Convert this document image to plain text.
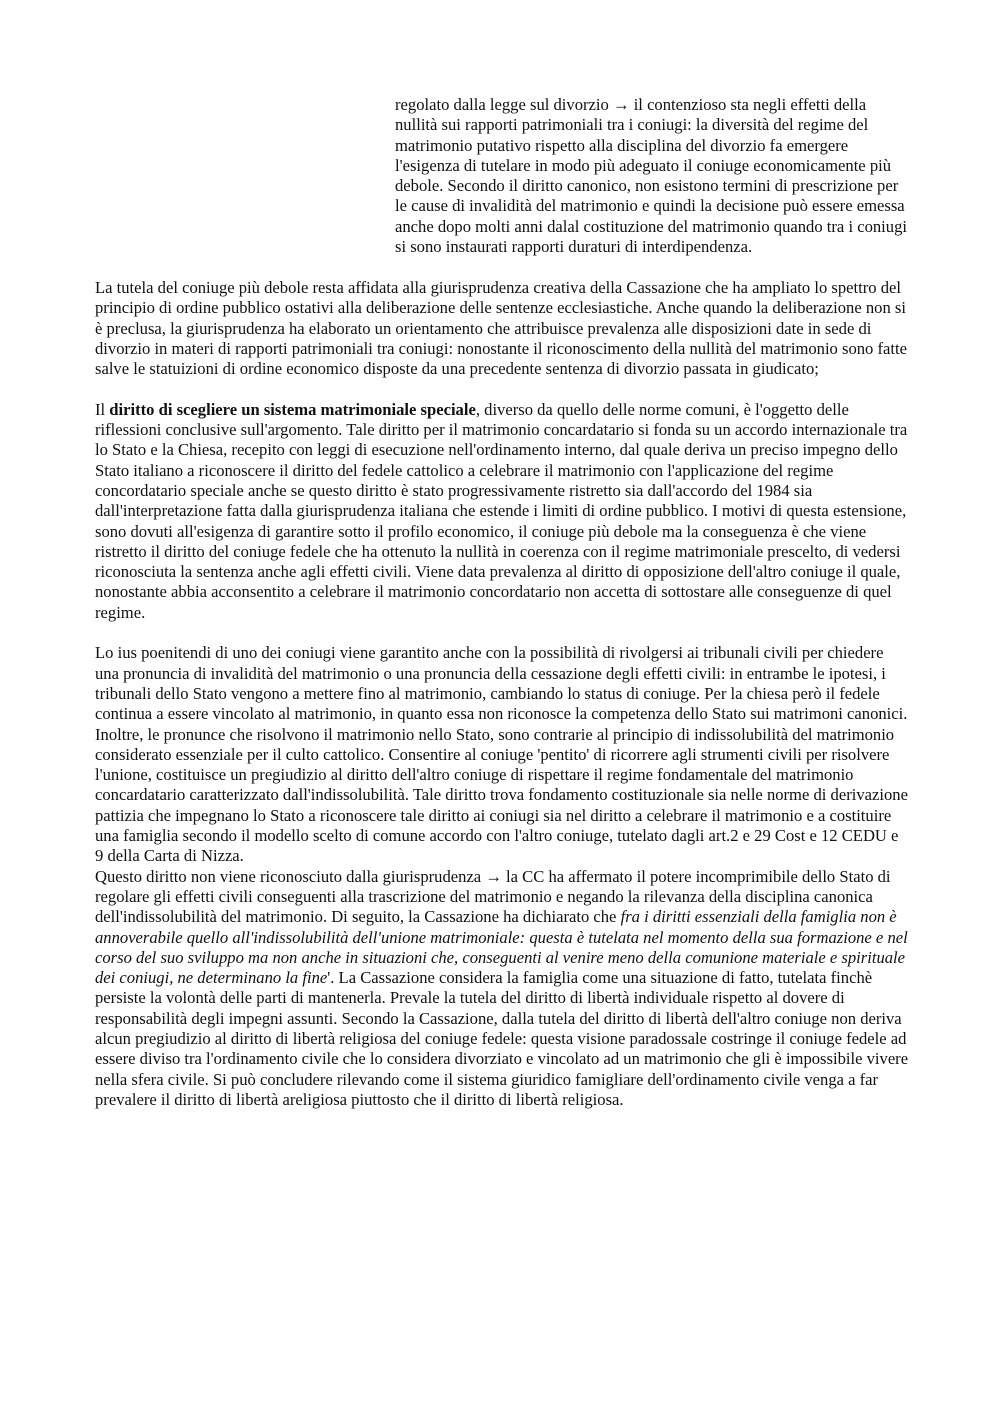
regolato dalla legge sul divorzio → il contenzioso sta negli effetti della nullità sui rapporti patrimoniali tra i coniugi: la diversità del regime del matrimonio putativo rispetto alla disciplina del divorzio fa emergere l'esigenza di tutelare in modo più adeguato il coniuge economicamente più debole. Secondo il diritto canonico, non esistono termini di prescrizione per le cause di invalidità del matrimonio e quindi la decisione può essere emessa anche dopo molti anni dalal costituzione del matrimonio quando tra i coniugi si sono instaurati rapporti duraturi di interdipendenza.

La tutela del coniuge più debole resta affidata alla giurisprudenza creativa della Cassazione che ha ampliato lo spettro del principio di ordine pubblico ostativi alla deliberazione delle sentenze ecclesiastiche. Anche quando la deliberazione non si è preclusa, la giurisprudenza ha elaborato un orientamento che attribuisce prevalenza alle disposizioni date in sede di divorzio in materi di rapporti patrimoniali tra coniugi: nonostante il riconoscimento della nullità del matrimonio sono fatte salve le statuizioni di ordine economico disposte da una precedente sentenza di divorzio passata in giudicato;

Il diritto di scegliere un sistema matrimoniale speciale, diverso da quello delle norme comuni, è l'oggetto delle riflessioni conclusive sull'argomento. Tale diritto per il matrimonio concardatario si fonda su un accordo internazionale tra lo Stato e la Chiesa, recepito con leggi di esecuzione nell'ordinamento interno, dal quale deriva un preciso impegno dello Stato italiano a riconoscere il diritto del fedele cattolico a celebrare il matrimonio con l'applicazione del regime concordatario speciale anche se questo diritto è stato progressivamente ristretto sia dall'accordo del 1984 sia dall'interpretazione fatta dalla giurisprudenza italiana che estende i limiti di ordine pubblico. I motivi di questa estensione, sono dovuti all'esigenza di garantire sotto il profilo economico, il coniuge più debole ma la conseguenza è che viene ristretto il diritto del coniuge fedele che ha ottenuto la nullità in coerenza con il regime matrimoniale prescelto, di vedersi riconosciuta la sentenza anche agli effetti civili. Viene data prevalenza al diritto di opposizione dell'altro coniuge il quale, nonostante abbia acconsentito a celebrare il matrimonio concordatario non accetta di sottostare alle conseguenze di quel regime.

Lo ius poenitendi di uno dei coniugi viene garantito anche con la possibilità di rivolgersi ai tribunali civili per chiedere una pronuncia di invalidità del matrimonio o una pronuncia della cessazione degli effetti civili: in entrambe le ipotesi, i tribunali dello Stato vengono a mettere fino al matrimonio, cambiando lo status di coniuge. Per la chiesa però il fedele continua a essere vincolato al matrimonio, in quanto essa non riconosce la competenza dello Stato sui matrimoni canonici. Inoltre, le pronunce che risolvono il matrimonio nello Stato, sono contrarie al principio di indissolubilità del matrimonio considerato essenziale per il culto cattolico. Consentire al coniuge 'pentito' di ricorrere agli strumenti civili per risolvere l'unione, costituisce un pregiudizio al diritto dell'altro coniuge di rispettare il regime fondamentale del matrimonio concardatario caratterizzato dall'indissolubilità. Tale diritto trova fondamento costituzionale sia nelle norme di derivazione pattizia che impegnano lo Stato a riconoscere tale diritto ai coniugi sia nel diritto a celebrare il matrimonio e a costituire una famiglia secondo il modello scelto di comune accordo con l'altro coniuge, tutelato dagli art.2 e 29 Cost e 12 CEDU e 9 della Carta di Nizza.

Questo diritto non viene riconosciuto dalla giurisprudenza → la CC ha affermato il potere incomprimibile dello Stato di regolare gli effetti civili conseguenti alla trascrizione del matrimonio e negando la rilevanza della disciplina canonica dell'indissolubilità del matrimonio. Di seguito, la Cassazione ha dichiarato che fra i diritti essenziali della famiglia non è annoverabile quello all'indissolubilità dell'unione matrimoniale: questa è tutelata nel momento della sua formazione e nel corso del suo sviluppo ma non anche in situazioni che, conseguenti al venire meno della comunione materiale e spirituale dei coniugi, ne determinano la fine'. La Cassazione considera la famiglia come una situazione di fatto, tutelata finchè persiste la volontà delle parti di mantenerla. Prevale la tutela del diritto di libertà individuale rispetto al dovere di responsabilità degli impegni assunti. Secondo la Cassazione, dalla tutela del diritto di libertà dell'altro coniuge non deriva alcun pregiudizio al diritto di libertà religiosa del coniuge fedele: questa visione paradossale costringe il coniuge fedele ad essere diviso tra l'ordinamento civile che lo considera divorziato e vincolato ad un matrimonio che gli è impossibile vivere nella sfera civile. Si può concludere rilevando come il sistema giuridico famigliare dell'ordinamento civile venga a far prevalere il diritto di libertà areligiosa piuttosto che il diritto di libertà religiosa.
